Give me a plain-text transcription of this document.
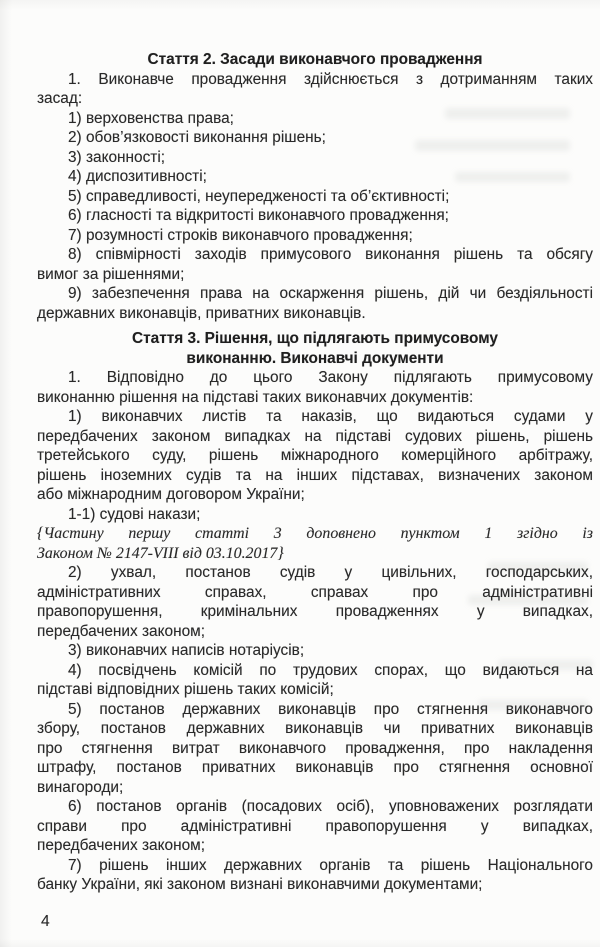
Стаття 2. Засади виконавчого провадження
1. Виконавче провадження здійснюється з дотриманням таких
засад:
1) верховенства права;
2) обов’язковості виконання рішень;
3) законності;
4) диспозитивності;
5) справедливості, неупередженості та об’єктивності;
6) гласності та відкритості виконавчого провадження;
7) розумності строків виконавчого провадження;
8) співмірності заходів примусового виконання рішень та обсягу
вимог за рішеннями;
9) забезпечення права на оскарження рішень, дій чи бездіяльності
державних виконавців, приватних виконавців.
Стаття 3. Рішення, що підлягають примусовому
виконанню. Виконавчі документи
1. Відповідно до цього Закону підлягають примусовому
виконанню рішення на підставі таких виконавчих документів:
1) виконавчих листів та наказів, що видаються судами у
передбачених законом випадках на підставі судових рішень, рішень
третейського суду, рішень міжнародного комерційного арбітражу,
рішень іноземних судів та на інших підставах, визначених законом
або міжнародним договором України;
1-1) судові накази;
{Частину першу статті 3 доповнено пунктом 1 згідно із
Законом № 2147-VIII від 03.10.2017}
2) ухвал, постанов судів у цивільних, господарських,
адміністративних справах, справах про адміністративні
правопорушення, кримінальних провадженнях у випадках,
передбачених законом;
3) виконавчих написів нотаріусів;
4) посвідчень комісій по трудових спорах, що видаються на
підставі відповідних рішень таких комісій;
5) постанов державних виконавців про стягнення виконавчого
збору, постанов державних виконавців чи приватних виконавців
про стягнення витрат виконавчого провадження, про накладення
штрафу, постанов приватних виконавців про стягнення основної
винагороди;
6) постанов органів (посадових осіб), уповноважених розглядати
справи про адміністративні правопорушення у випадках,
передбачених законом;
7) рішень інших державних органів та рішень Національного
банку України, які законом визнані виконавчими документами;
4
